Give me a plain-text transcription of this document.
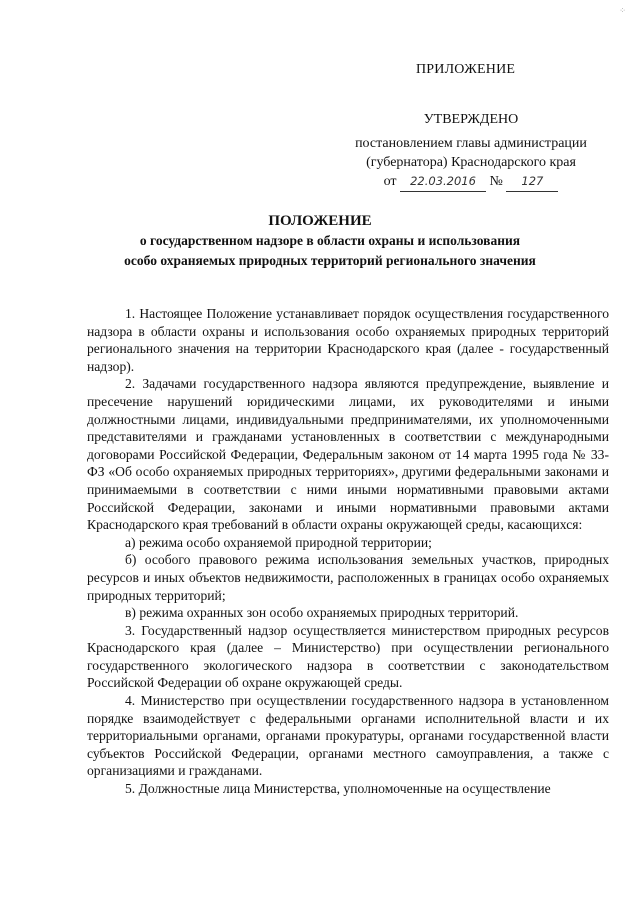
⁘
ПРИЛОЖЕНИЕ
УТВЕРЖДЕНО
постановлением главы администрации
(губернатора) Краснодарского края
от 22.03.2016 № 127
ПОЛОЖЕНИЕ
о государственном надзоре в области охраны и использования
особо охраняемых природных территорий регионального значения

1. Настоящее Положение устанавливает порядок осуществления государственного надзора в области охраны и использования особо охраняемых природных территорий регионального значения на территории Краснодарского края (далее - государственный надзор).

2. Задачами государственного надзора являются предупреждение, выявление и пресечение нарушений юридическими лицами, их руководителями и иными должностными лицами, индивидуальными предпринимателями, их уполномоченными представителями и гражданами установленных в соответствии с международными договорами Российской Федерации, Федеральным законом от 14 марта 1995 года № 33-ФЗ «Об особо охраняемых природных территориях», другими федеральными законами и принимаемыми в соответствии с ними иными нормативными правовыми актами Российской Федерации, законами и иными нормативными правовыми актами Краснодарского края требований в области охраны окружающей среды, касающихся:

а) режима особо охраняемой природной территории;

б) особого правового режима использования земельных участков, природных ресурсов и иных объектов недвижимости, расположенных в границах особо охраняемых природных территорий;

в) режима охранных зон особо охраняемых природных территорий.

3. Государственный надзор осуществляется министерством природных ресурсов Краснодарского края (далее – Министерство) при осуществлении регионального государственного экологического надзора в соответствии с законодательством Российской Федерации об охране окружающей среды.

4. Министерство при осуществлении государственного надзора в установленном порядке взаимодействует с федеральными органами исполнительной власти и их территориальными органами, органами прокуратуры, органами государственной власти субъектов Российской Федерации, органами местного самоуправления, а также с организациями и гражданами.

5. Должностные лица Министерства, уполномоченные на осуществление
